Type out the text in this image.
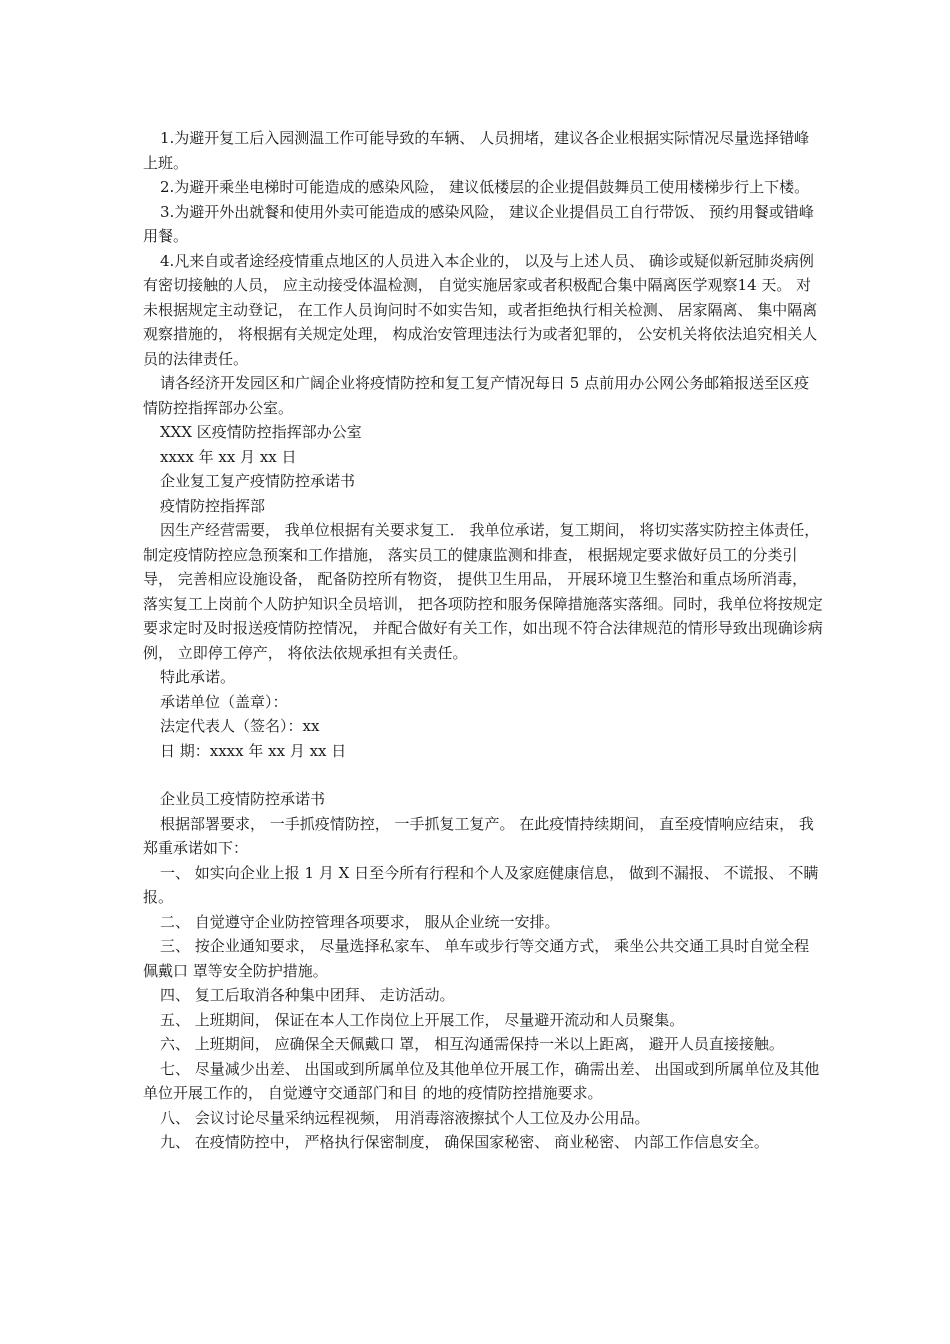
1.为避开复工后入园测温工作可能导致的车辆、 人员拥堵，建议各企业根据实际情况尽量选择错峰上班。

2.为避开乘坐电梯时可能造成的感染风险， 建议低楼层的企业提倡鼓舞员工使用楼梯步行上下楼。

3.为避开外出就餐和使用外卖可能造成的感染风险， 建议企业提倡员工自行带饭、 预约用餐或错峰用餐。

4.凡来自或者途经疫情重点地区的人员进入本企业的， 以及与上述人员、 确诊或疑似新冠肺炎病例有密切接触的人员， 应主动接受体温检测， 自觉实施居家或者积极配合集中隔离医学观察14 天。 对未根据规定主动登记， 在工作人员询问时不如实告知，或者拒绝执行相关检测、 居家隔离、 集中隔离观察措施的， 将根据有关规定处理， 构成治安管理违法行为或者犯罪的， 公安机关将依法追究相关人员的法律责任。

请各经济开发园区和广阔企业将疫情防控和复工复产情况每日 5 点前用办公网公务邮箱报送至区疫情防控指挥部办公室。

XXX 区疫情防控指挥部办公室

xxxx 年 xx 月 xx 日

企业复工复产疫情防控承诺书

疫情防控指挥部

因生产经营需要， 我单位根据有关要求复工． 我单位承诺，复工期间， 将切实落实防控主体责任， 制定疫情防控应急预案和工作措施， 落实员工的健康监测和排查， 根据规定要求做好员工的分类引导， 完善相应设施设备， 配备防控所有物资， 提供卫生用品， 开展环境卫生整治和重点场所消毒， 落实复工上岗前个人防护知识全员培训， 把各项防控和服务保障措施落实落细。同时，我单位将按规定要求定时及时报送疫情防控情况， 并配合做好有关工作，如出现不符合法律规范的情形导致出现确诊病例， 立即停工停产， 将依法依规承担有关责任。

特此承诺。

承诺单位（盖章）：

法定代表人（签名）：xx

日 期：xxxx 年 xx 月 xx 日

企业员工疫情防控承诺书

根据部署要求， 一手抓疫情防控， 一手抓复工复产。 在此疫情持续期间， 直至疫情响应结束， 我郑重承诺如下：

一、 如实向企业上报 1 月 X 日至今所有行程和个人及家庭健康信息， 做到不漏报、 不谎报、 不瞒报。

二、 自觉遵守企业防控管理各项要求， 服从企业统一安排。

三、 按企业通知要求， 尽量选择私家车、 单车或步行等交通方式， 乘坐公共交通工具时自觉全程佩戴口 罩等安全防护措施。

四、 复工后取消各种集中团拜、 走访活动。

五、 上班期间， 保证在本人工作岗位上开展工作， 尽量避开流动和人员聚集。

六、 上班期间， 应确保全天佩戴口 罩， 相互沟通需保持一米以上距离， 避开人员直接接触。

七、 尽量减少出差、 出国或到所属单位及其他单位开展工作，确需出差、 出国或到所属单位及其他单位开展工作的， 自觉遵守交通部门和目 的地的疫情防控措施要求。

八、 会议讨论尽量采纳远程视频， 用消毒溶液擦拭个人工位及办公用品。

九、 在疫情防控中， 严格执行保密制度， 确保国家秘密、 商业秘密、 内部工作信息安全。
